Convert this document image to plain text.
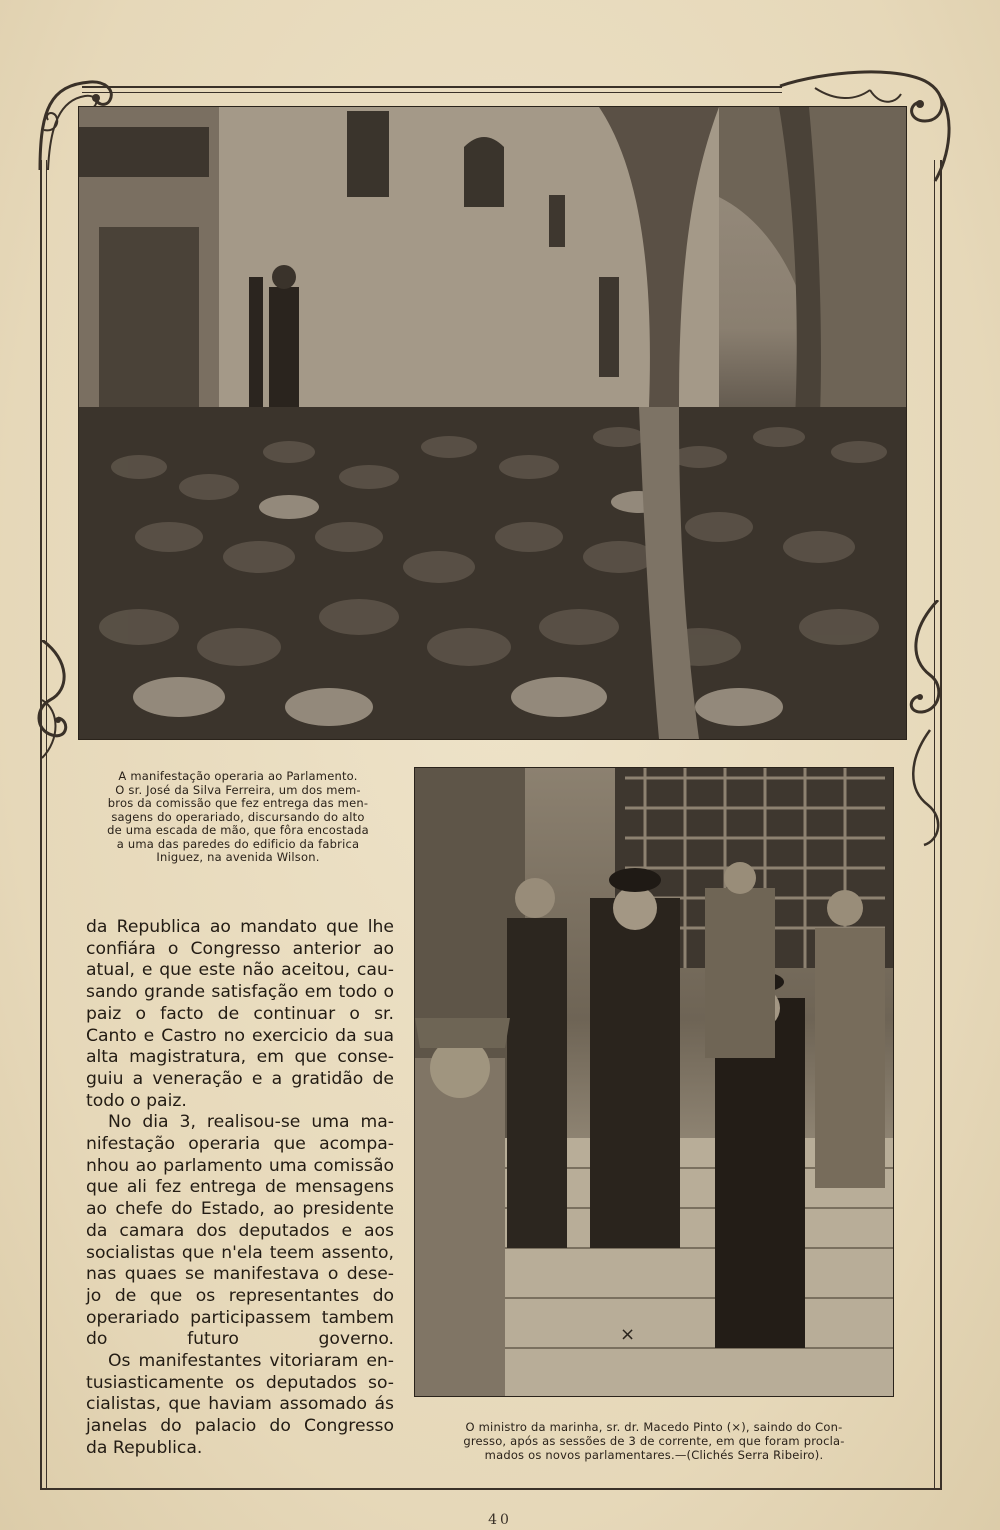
A manifestação operaria ao Parlamento.
O sr. José da Silva Ferreira, um dos mem-
bros da comissão que fez entrega das men-
sagens do operariado, discursando do alto
de uma escada de mão, que fôra encostada
a uma das paredes do edificio da fabrica
Iniguez, na avenida Wilson.
×

da Republica ao mandato que lhe
confiára o Congresso anterior ao
atual, e que este não aceitou, cau-
sando grande satisfação em todo o
paiz o facto de continuar o sr.
Canto e Castro no exercicio da sua
alta magistratura, em que conse-
guiu a veneração e a gratidão de
todo o paiz.

No dia 3, realisou-se uma ma-
nifestação operaria que acompa-
nhou ao parlamento uma comissão
que ali fez entrega de mensagens
ao chefe do Estado, ao presidente
da camara dos deputados e aos
socialistas que n'ela teem assento,
nas quaes se manifestava o dese-
jo de que os representantes do
operariado participassem tambem
do futuro governo.

Os manifestantes vitoriaram en-
tusiasticamente os deputados so-
cialistas, que haviam assomado ás
janelas do palacio do Congresso
da Republica.

O ministro da marinha, sr. dr. Macedo Pinto (×), saindo do Con-
gresso, após as sessões de 3 de corrente, em que foram procla-
mados os novos parlamentares.—(Clichés Serra Ribeiro).
40
